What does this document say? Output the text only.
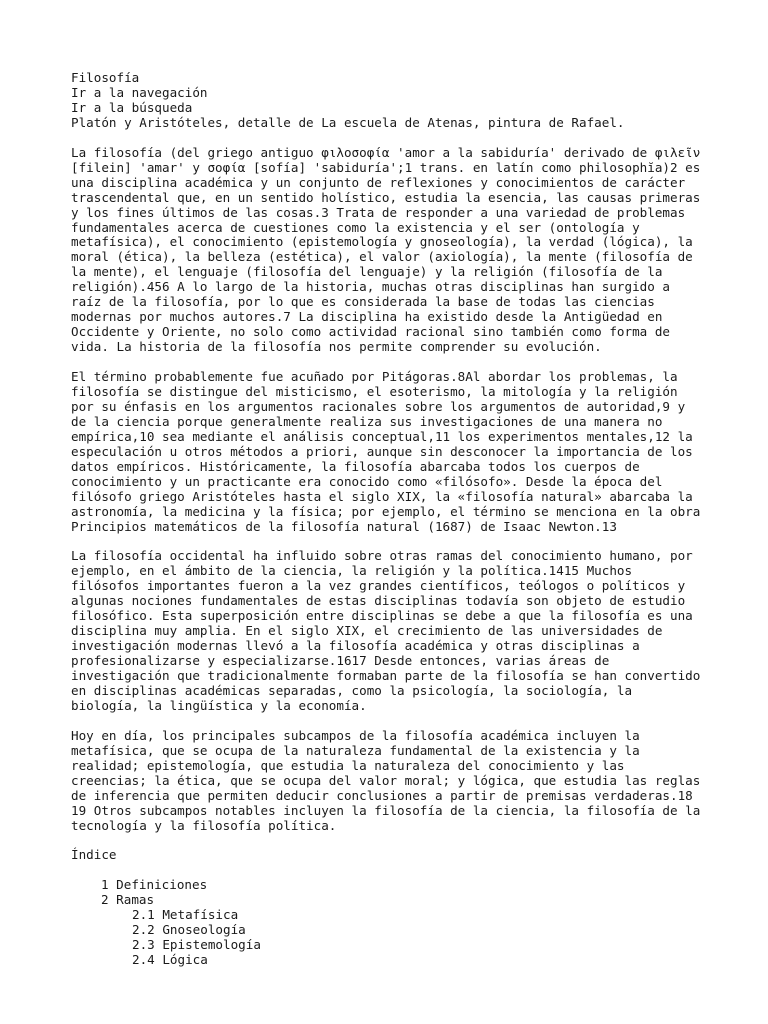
Filosofía
Ir a la navegación
Ir a la búsqueda
Platón y Aristóteles, detalle de La escuela de Atenas, pintura de Rafael.
La filosofía (del griego antiguo φιλοσοφία 'amor a la sabiduría' derivado de φιλεῖν
[filein] 'amar' y σοφία [sofía] 'sabiduría';1 trans. en latín como philosophĭa)2 es
una disciplina académica y un conjunto de reflexiones y conocimientos de carácter
trascendental que, en un sentido holístico, estudia la esencia, las causas primeras
y los fines últimos de las cosas.3 Trata de responder a una variedad de problemas
fundamentales acerca de cuestiones como la existencia y el ser (ontología y
metafísica), el conocimiento (epistemología y gnoseología), la verdad (lógica), la
moral (ética), la belleza (estética), el valor (axiología), la mente (filosofía de
la mente), el lenguaje (filosofía del lenguaje) y la religión (filosofía de la
religión).456 A lo largo de la historia, muchas otras disciplinas han surgido a
raíz de la filosofía, por lo que es considerada la base de todas las ciencias
modernas por muchos autores.7 La disciplina ha existido desde la Antigüedad en
Occidente y Oriente, no solo como actividad racional sino también como forma de
vida. La historia de la filosofía nos permite comprender su evolución.
El término probablemente fue acuñado por Pitágoras.8Al abordar los problemas, la
filosofía se distingue del misticismo, el esoterismo, la mitología y la religión
por su énfasis en los argumentos racionales sobre los argumentos de autoridad,9 y
de la ciencia porque generalmente realiza sus investigaciones de una manera no
empírica,10 sea mediante el análisis conceptual,11 los experimentos mentales,12 la
especulación u otros métodos a priori, aunque sin desconocer la importancia de los
datos empíricos. Históricamente, la filosofía abarcaba todos los cuerpos de
conocimiento y un practicante era conocido como «filósofo». Desde la época del
filósofo griego Aristóteles hasta el siglo XIX, la «filosofía natural» abarcaba la
astronomía, la medicina y la física; por ejemplo, el término se menciona en la obra
Principios matemáticos de la filosofía natural (1687) de Isaac Newton.13
La filosofía occidental ha influido sobre otras ramas del conocimiento humano, por
ejemplo, en el ámbito de la ciencia, la religión y la política.1415 Muchos
filósofos importantes fueron a la vez grandes científicos, teólogos o políticos y
algunas nociones fundamentales de estas disciplinas todavía son objeto de estudio
filosófico. Esta superposición entre disciplinas se debe a que la filosofía es una
disciplina muy amplia. En el siglo XIX, el crecimiento de las universidades de
investigación modernas llevó a la filosofía académica y otras disciplinas a
profesionalizarse y especializarse.1617 Desde entonces, varias áreas de
investigación que tradicionalmente formaban parte de la filosofía se han convertido
en disciplinas académicas separadas, como la psicología, la sociología, la
biología, la lingüística y la economía.
Hoy en día, los principales subcampos de la filosofía académica incluyen la
metafísica, que se ocupa de la naturaleza fundamental de la existencia y la
realidad; epistemología, que estudia la naturaleza del conocimiento y las
creencias; la ética, que se ocupa del valor moral; y lógica, que estudia las reglas
de inferencia que permiten deducir conclusiones a partir de premisas verdaderas.18
19 Otros subcampos notables incluyen la filosofía de la ciencia, la filosofía de la
tecnología y la filosofía política.
Índice
1 Definiciones
2 Ramas
2.1 Metafísica
2.2 Gnoseología
2.3 Epistemología
2.4 Lógica
